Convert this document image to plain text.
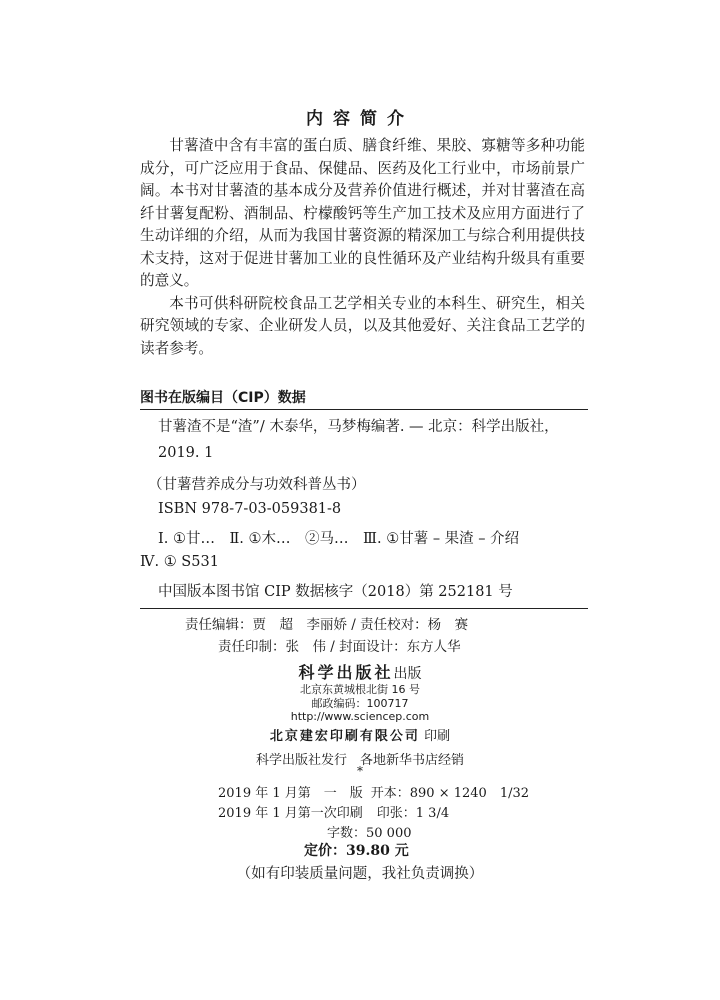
内容简介

甘薯渣中含有丰富的蛋白质、膳食纤维、果胶、寡糖等多种功能成分，可广泛应用于食品、保健品、医药及化工行业中，市场前景广阔。本书对甘薯渣的基本成分及营养价值进行概述，并对甘薯渣在高纤甘薯复配粉、酒制品、柠檬酸钙等生产加工技术及应用方面进行了生动详细的介绍，从而为我国甘薯资源的精深加工与综合利用提供技术支持，这对于促进甘薯加工业的良性循环及产业结构升级具有重要的意义。

本书可供科研院校食品工艺学相关专业的本科生、研究生，相关研究领域的专家、企业研发人员，以及其他爱好、关注食品工艺学的读者参考。

图书在版编目（CIP）数据
甘薯渣不是“渣”/ 木泰华，马梦梅编著. — 北京：科学出版社，
2019. 1
（甘薯营养成分与功效科普丛书）
ISBN 978-7-03-059381-8
Ⅰ. ①甘…　Ⅱ. ①木…　②马…　Ⅲ. ①甘薯 – 果渣 – 介绍
Ⅳ. ① S531
中国版本图书馆 CIP 数据核字（2018）第 252181 号
责任编辑：贾　超　李丽娇 / 责任校对：杨　赛
责任印制：张　伟 / 封面设计：东方人华
科学出版社出版
北京东黄城根北街 16 号
邮政编码：100717
http://www.sciencep.com
北京建宏印刷有限公司 印刷
科学出版社发行　各地新华书店经销
*
2019 年 1 月第　一　版 开本：890 × 1240　1/32
2019 年 1 月第一次印刷 印张：1 3/4
字数：50 000
定价：39.80 元
（如有印装质量问题，我社负责调换）
